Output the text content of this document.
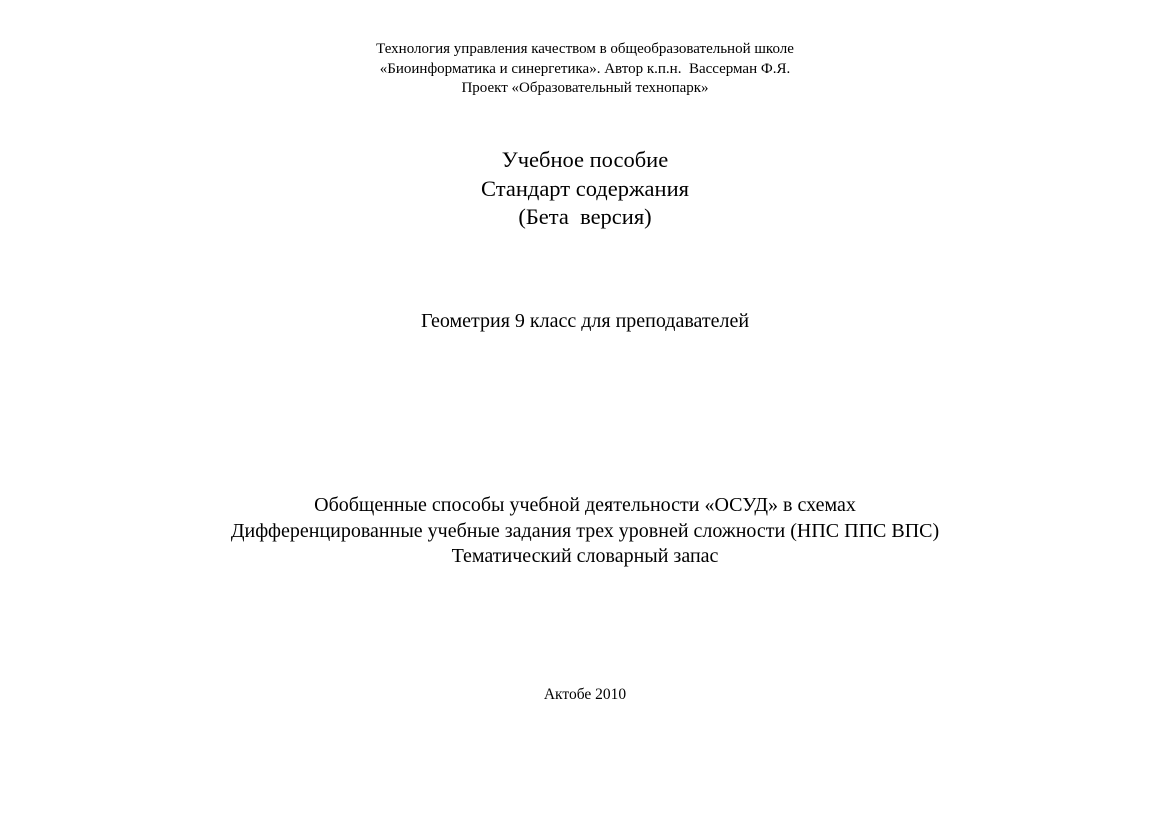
Технология управления качеством в общеобразовательной школе
«Биоинформатика и синергетика». Автор к.п.н.  Вассерман Ф.Я.
Проект «Образовательный технопарк»
Учебное пособие
Стандарт содержания
(Бета  версия)
Геометрия 9 класс для преподавателей
Обобщенные способы учебной деятельности «ОСУД» в схемах
Дифференцированные учебные задания трех уровней сложности (НПС ППС ВПС)
Тематический словарный запас
Актобе 2010
